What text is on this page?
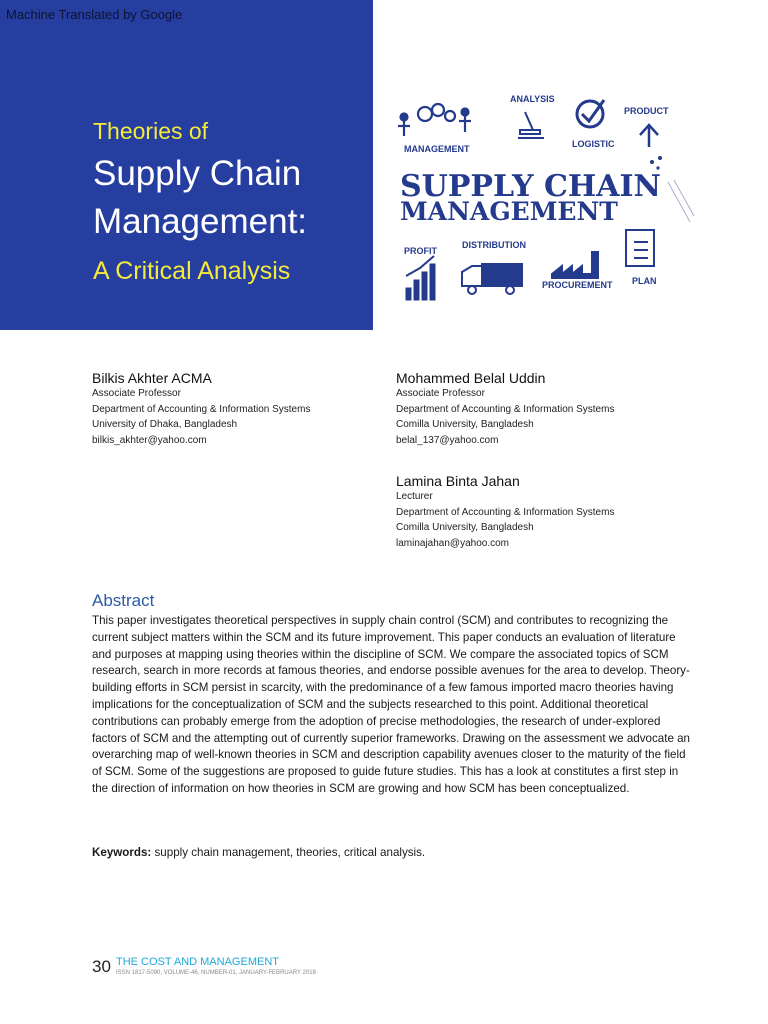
Machine Translated by Google
Theories of
Supply Chain
Management:
A Critical Analysis
MANAGEMENT
ANALYSIS
LOGISTIC
PRODUCT
SUPPLY CHAIN
MANAGEMENT
PROFIT
DISTRIBUTION
PROCUREMENT PLAN
Bilkis Akhter ACMA
Associate Professor
Department of Accounting & Information Systems
University of Dhaka, Bangladesh
bilkis_akhter@yahoo.com
Mohammed Belal Uddin
Associate Professor
Department of Accounting & Information Systems
Comilla University, Bangladesh
belal_137@yahoo.com
Lamina Binta Jahan
Lecturer
Department of Accounting & Information Systems
Comilla University, Bangladesh
laminajahan@yahoo.com
Abstract
This paper investigates theoretical perspectives in supply chain control (SCM) and contributes to recognizing the current subject matters within the SCM and its future improvement. This paper conducts an evaluation of literature and purposes at mapping using theories within the discipline of SCM. We compare the associated topics of SCM research, search in more records at famous theories, and endorse possible avenues for the area to develop. Theory-building efforts in SCM persist in scarcity, with the predominance of a few famous imported macro theories having implications for the conceptualization of SCM and the subjects researched to this point. Additional theoretical contributions can probably emerge from the adoption of precise methodologies, the research of under-explored factors of SCM and the attempting out of currently superior frameworks. Drawing on the assessment we advocate an overarching map of well-known theories in SCM and description capability avenues closer to the maturity of the field of SCM. Some of the suggestions are proposed to guide future studies. This has a look at constitutes a first step in the direction of information on how theories in SCM are growing and how SCM has been conceptualized.
Keywords: supply chain management, theories, critical analysis.
30 THE COST AND MANAGEMENT
ISSN 1817-5090, VOLUME-46, NUMBER-01, JANUARY-FEBRUARY 2018
